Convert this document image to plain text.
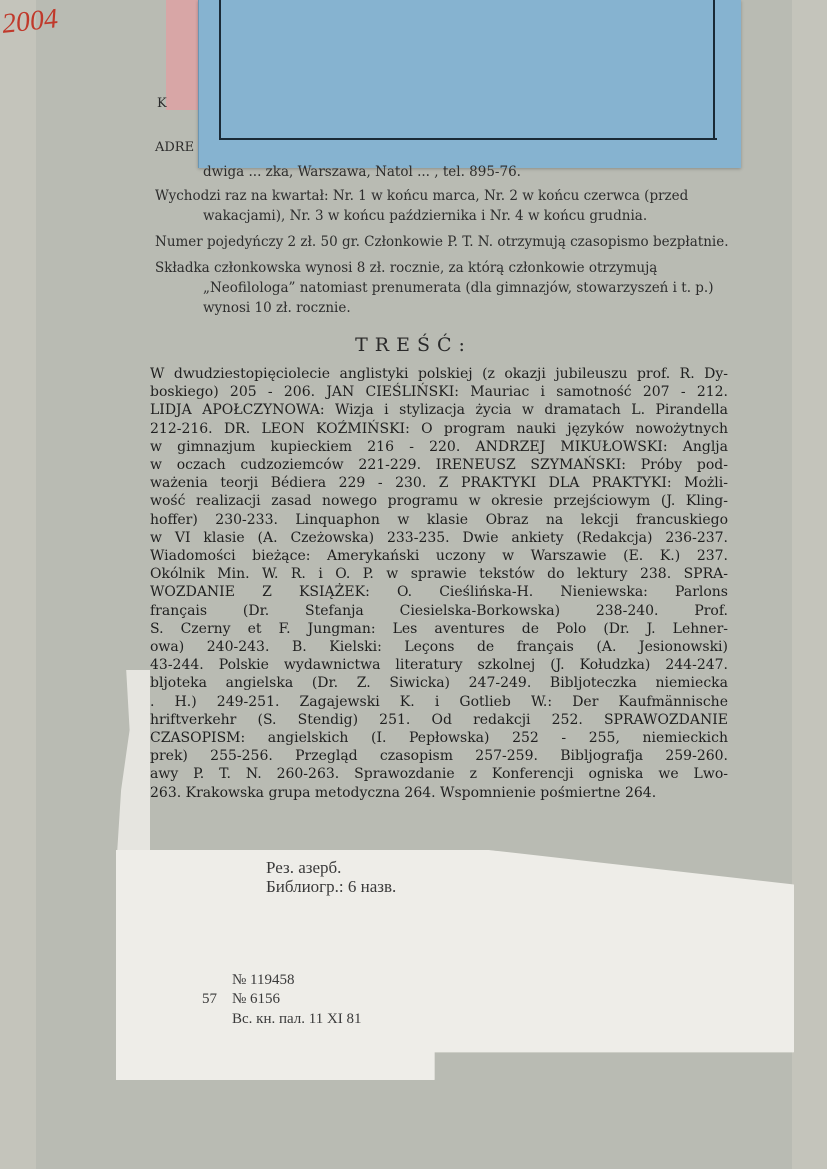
2004
K
ADRE

dwiga ... zka, Warszawa, Natol ... , tel. 895-76.

Wychodzi raz na kwartał: Nr. 1 w końcu marca, Nr. 2 w końcu czerwca (przed wakacjami), Nr. 3 w końcu października i Nr. 4 w końcu grudnia.

Numer pojedyńczy 2 zł. 50 gr. Członkowie P. T. N. otrzymują czasopismo bezpłatnie.

Składka członkowska wynosi 8 zł. rocznie, za którą członkowie otrzymują „Neofilologa” natomiast prenumerata (dla gimnazjów, stowarzyszeń i t. p.) wynosi 10 zł. rocznie.

TREŚĆ:
W dwudziestopięciolecie anglistyki polskiej (z okazji jubileuszu prof. R. Dy-
boskiego) 205 - 206. JAN CIEŚLIŃSKI: Mauriac i samotność 207 - 212.
LIDJA APOŁCZYNOWA: Wizja i stylizacja życia w dramatach L. Pirandella
212-216. DR. LEON KOŹMIŃSKI: O program nauki języków nowożytnych
w gimnazjum kupieckiem 216 - 220. ANDRZEJ MIKUŁOWSKI: Anglja
w oczach cudzoziemców 221-229. IRENEUSZ SZYMAŃSKI: Próby pod-
ważenia teorji Bédiera 229 - 230. Z PRAKTYKI DLA PRAKTYKI: Możli-
wość realizacji zasad nowego programu w okresie przejściowym (J. Kling-
hoffer) 230-233. Linquaphon w klasie Obraz na lekcji francuskiego
w VI klasie (A. Czeżowska) 233-235. Dwie ankiety (Redakcja) 236-237.
Wiadomości bieżące: Amerykański uczony w Warszawie (E. K.) 237.
Okólnik Min. W. R. i O. P. w sprawie tekstów do lektury 238. SPRA-
WOZDANIE Z KSIĄŻEK: O. Cieślińska-H. Nieniewska: Parlons
français (Dr. Stefanja Ciesielska-Borkowska) 238-240. Prof.
S. Czerny et F. Jungman: Les aventures de Polo (Dr. J. Lehner-
owa) 240-243. B. Kielski: Leçons de français (A. Jesionowski)
43-244. Polskie wydawnictwa literatury szkolnej (J. Kołudzka) 244-247.
bljoteka angielska (Dr. Z. Siwicka) 247-249. Bibljoteczka niemiecka
. H.) 249-251. Zagajewski K. i Gotlieb W.: Der Kaufmännische
hriftverkehr (S. Stendig) 251. Od redakcji 252. SPRAWOZDANIE
CZASOPISM: angielskich (I. Pepłowska) 252 - 255, niemieckich
prek) 255-256. Przegląd czasopism 257-259. Bibljografja 259-260.
awy P. T. N. 260-263. Sprawozdanie z Konferencji ogniska we Lwo-
263. Krakowska grupa metodyczna 264. Wspomnienie pośmiertne 264.
Рез. азерб.
Библиогр.: 6 назв.
№ 119458
57 № 6156
Вс. кн. пал. 11 XI 81
